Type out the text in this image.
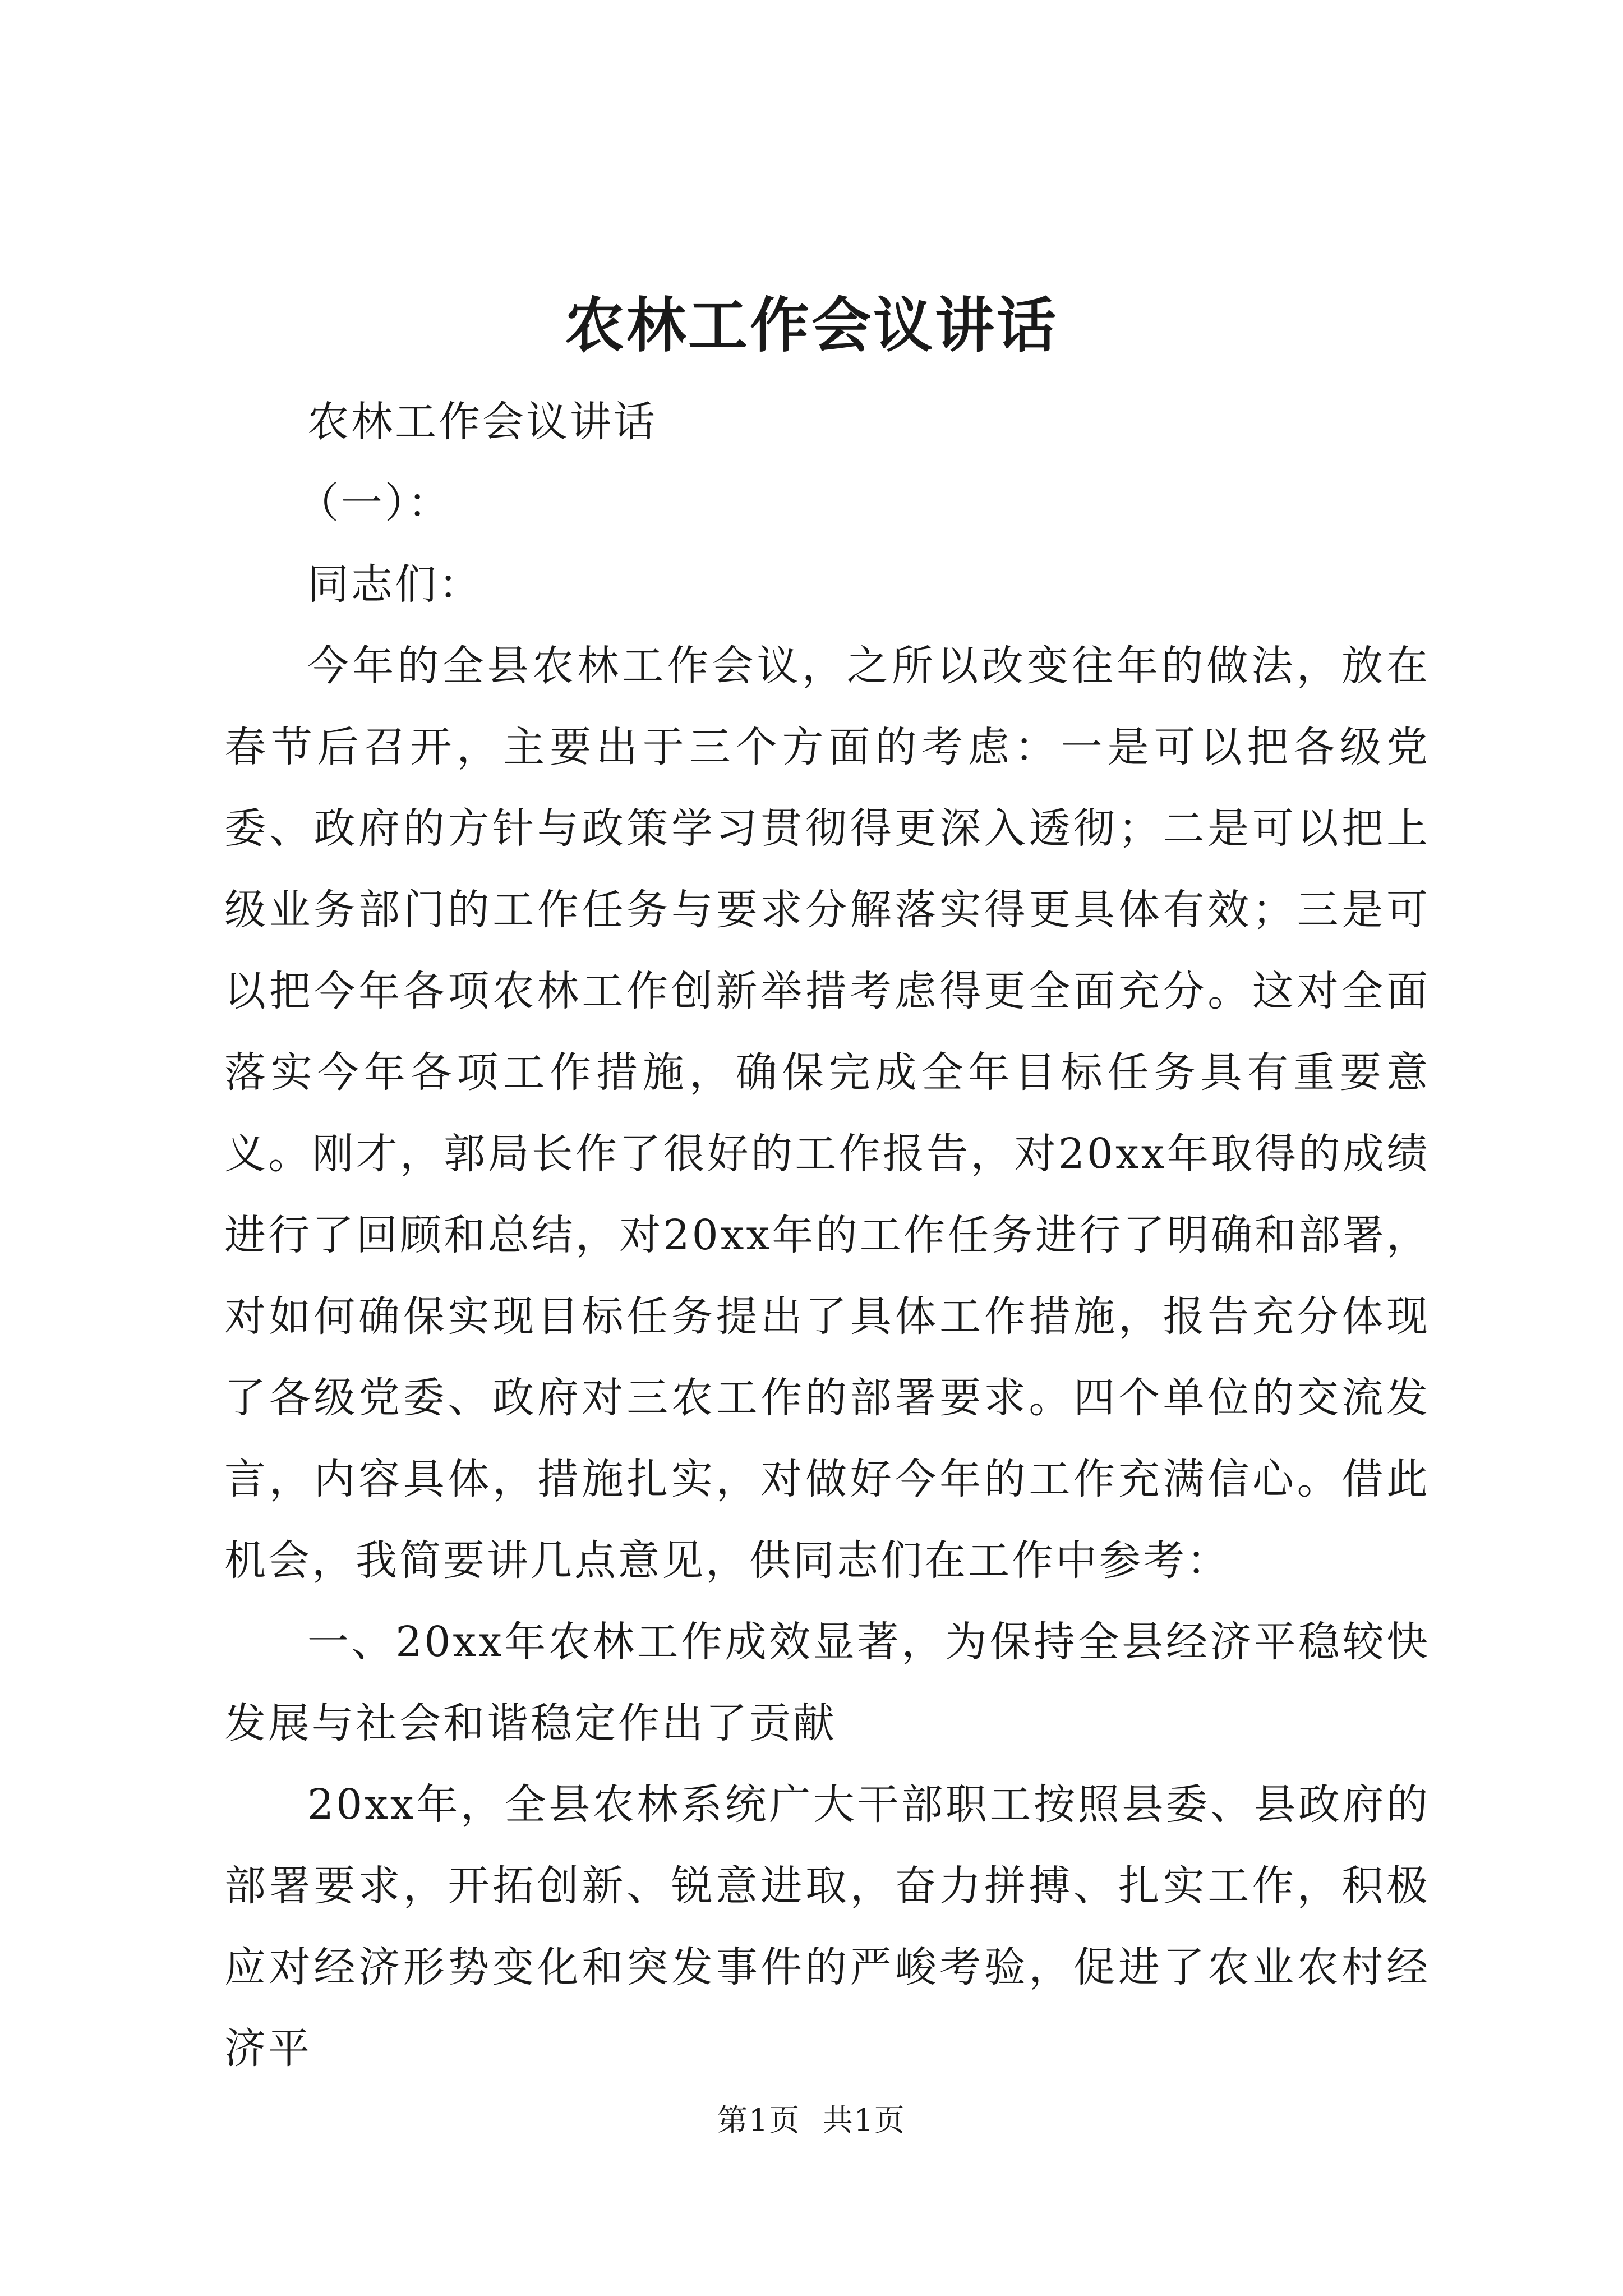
农林工作会议讲话

农林工作会议讲话

（一）：

同志们：

今年的全县农林工作会议，之所以改变往年的做法，放在春节后召开，主要出于三个方面的考虑：一是可以把各级党委、政府的方针与政策学习贯彻得更深入透彻；二是可以把上级业务部门的工作任务与要求分解落实得更具体有效；三是可以把今年各项农林工作创新举措考虑得更全面充分。这对全面落实今年各项工作措施，确保完成全年目标任务具有重要意义。刚才，郭局长作了很好的工作报告，对20xx年取得的成绩进行了回顾和总结，对20xx年的工作任务进行了明确和部署，对如何确保实现目标任务提出了具体工作措施，报告充分体现了各级党委、政府对三农工作的部署要求。四个单位的交流发言，内容具体，措施扎实，对做好今年的工作充满信心。借此机会，我简要讲几点意见，供同志们在工作中参考：

一、20xx年农林工作成效显著，为保持全县经济平稳较快发展与社会和谐稳定作出了贡献

20xx年，全县农林系统广大干部职工按照县委、县政府的部署要求，开拓创新、锐意进取，奋力拼搏、扎实工作，积极应对经济形势变化和突发事件的严峻考验，促进了农业农村经济平

第1页 共1页
